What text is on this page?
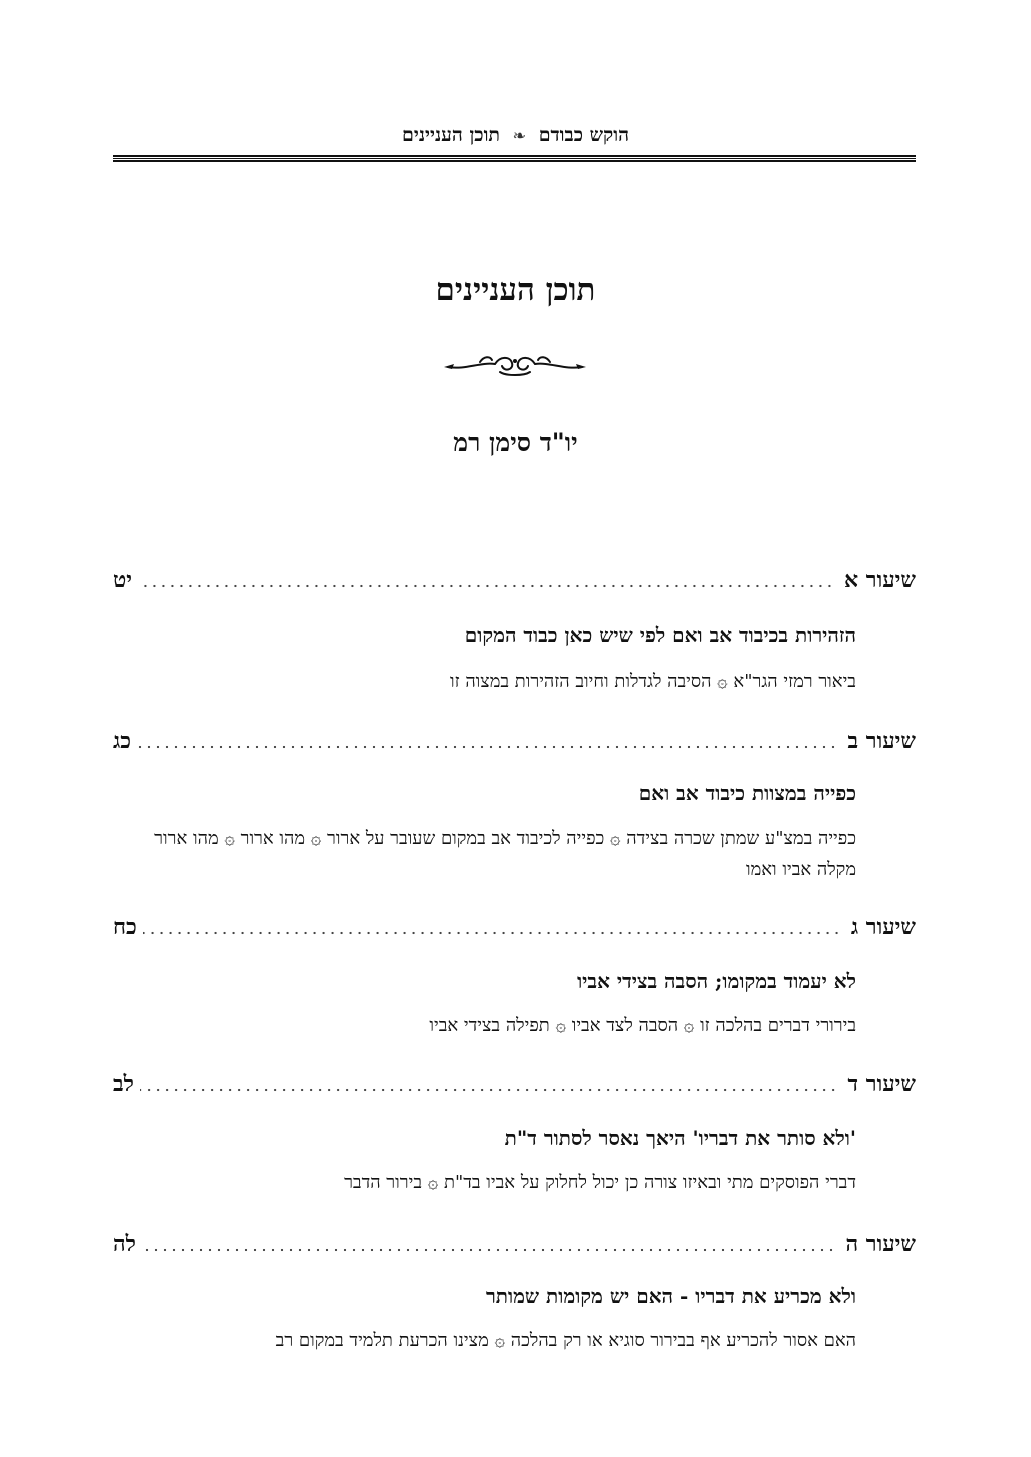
הוקש כבודם ❧ תוכן העניינים
תוכן העניינים
יו"ד סימן רמ
שיעור א
יט
הזהירות בכיבוד אב ואם לפי שיש כאן כבוד המקום
ביאור רמזי הגר"א ۞ הסיבה לגדלות וחיוב הזהירות במצוה זו
שיעור ב
כג
כפייה במצוות כיבוד אב ואם
כפייה במצ"ע שמתן שכרה בצידה ۞ כפייה לכיבוד אב במקום שעובר על ארור ۞ מהו ארור ۞ מהו ארור מקלה אביו ואמו
שיעור ג
כח
לא יעמוד במקומו; הסבה בצידי אביו
בירורי דברים בהלכה זו ۞ הסבה לצד אביו ۞ תפילה בצידי אביו
שיעור ד
לב
'ולא סותר את דבריו' היאך נאסר לסתור ד"ת
דברי הפוסקים מתי ובאיזו צורה כן יכול לחלוק על אביו בד"ת ۞ בירור הדבר
שיעור ה
לה
ולא מכריע את דבריו - האם יש מקומות שמותר
האם אסור להכריע אף בבירור סוגיא או רק בהלכה ۞ מצינו הכרעת תלמיד במקום רב
